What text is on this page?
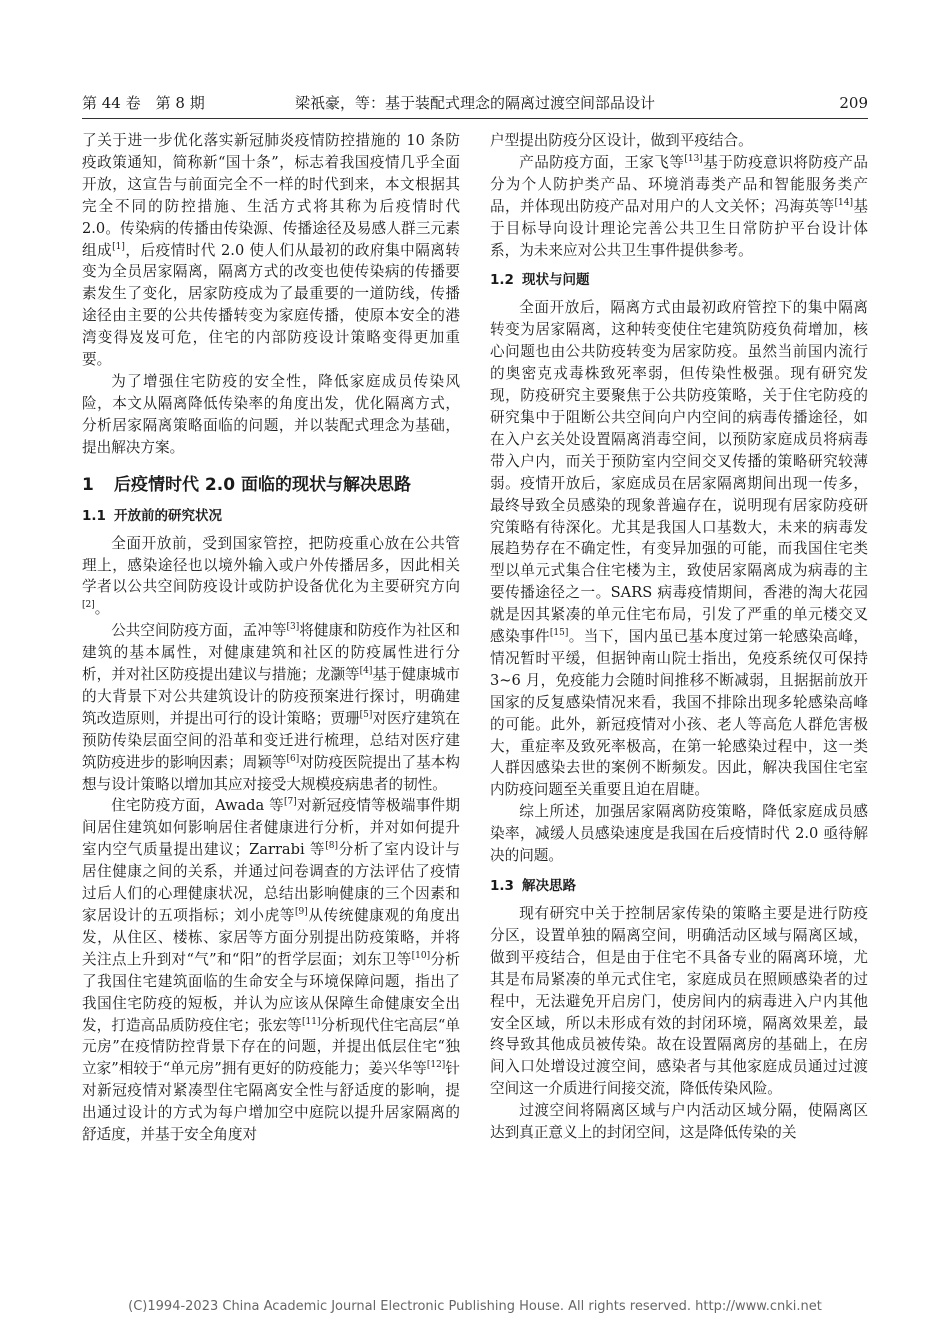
第 44 卷　第 8 期	梁祇豪，等：基于装配式理念的隔离过渡空间部品设计	209

了关于进一步优化落实新冠肺炎疫情防控措施的 10 条防疫政策通知，简称新“国十条”，标志着我国疫情几乎全面开放，这宣告与前面完全不一样的时代到来，本文根据其完全不同的防控措施、生活方式将其称为后疫情时代 2.0。传染病的传播由传染源、传播途径及易感人群三元素组成[1]，后疫情时代 2.0 使人们从最初的政府集中隔离转变为全员居家隔离，隔离方式的改变也使传染病的传播要素发生了变化，居家防疫成为了最重要的一道防线，传播途径由主要的公共传播转变为家庭传播，使原本安全的港湾变得岌岌可危，住宅的内部防疫设计策略变得更加重要。

为了增强住宅防疫的安全性，降低家庭成员传染风险，本文从隔离降低传染率的角度出发，优化隔离方式，分析居家隔离策略面临的问题，并以装配式理念为基础，提出解决方案。

1 后疫情时代 2.0 面临的现状与解决思路
1.1 开放前的研究状况

全面开放前，受到国家管控，把防疫重心放在公共管理上，感染途径也以境外输入或户外传播居多，因此相关学者以公共空间防疫设计或防护设备优化为主要研究方向[2]。

公共空间防疫方面，孟冲等[3]将健康和防疫作为社区和建筑的基本属性，对健康建筑和社区的防疫属性进行分析，并对社区防疫提出建议与措施；龙灏等[4]基于健康城市的大背景下对公共建筑设计的防疫预案进行探讨，明确建筑改造原则，并提出可行的设计策略；贾珊[5]对医疗建筑在预防传染层面空间的沿革和变迁进行梳理，总结对医疗建筑防疫进步的影响因素；周颖等[6]对防疫医院提出了基本构想与设计策略以增加其应对接受大规模疫病患者的韧性。

住宅防疫方面，Awada 等[7]对新冠疫情等极端事件期间居住建筑如何影响居住者健康进行分析，并对如何提升室内空气质量提出建议；Zarrabi 等[8]分析了室内设计与居住健康之间的关系，并通过问卷调查的方法评估了疫情过后人们的心理健康状况，总结出影响健康的三个因素和家居设计的五项指标；刘小虎等[9]从传统健康观的角度出发，从住区、楼栋、家居等方面分别提出防疫策略，并将关注点上升到对“气”和“阳”的哲学层面；刘东卫等[10]分析了我国住宅建筑面临的生命安全与环境保障问题，指出了我国住宅防疫的短板，并认为应该从保障生命健康安全出发，打造高品质防疫住宅；张宏等[11]分析现代住宅高层“单元房”在疫情防控背景下存在的问题，并提出低层住宅“独立家”相较于“单元房”拥有更好的防疫能力；姜兴华等[12]针对新冠疫情对紧凑型住宅隔离安全性与舒适度的影响，提出通过设计的方式为每户增加空中庭院以提升居家隔离的舒适度，并基于安全角度对

户型提出防疫分区设计，做到平疫结合。

产品防疫方面，王家飞等[13]基于防疫意识将防疫产品分为个人防护类产品、环境消毒类产品和智能服务类产品，并体现出防疫产品对用户的人文关怀；冯海英等[14]基于目标导向设计理论完善公共卫生日常防护平台设计体系，为未来应对公共卫生事件提供参考。

1.2 现状与问题

全面开放后，隔离方式由最初政府管控下的集中隔离转变为居家隔离，这种转变使住宅建筑防疫负荷增加，核心问题也由公共防疫转变为居家防疫。虽然当前国内流行的奥密克戎毒株致死率弱，但传染性极强。现有研究发现，防疫研究主要聚焦于公共防疫策略，关于住宅防疫的研究集中于阻断公共空间向户内空间的病毒传播途径，如在入户玄关处设置隔离消毒空间，以预防家庭成员将病毒带入户内，而关于预防室内空间交叉传播的策略研究较薄弱。疫情开放后，家庭成员在居家隔离期间出现一传多，最终导致全员感染的现象普遍存在，说明现有居家防疫研究策略有待深化。尤其是我国人口基数大，未来的病毒发展趋势存在不确定性，有变异加强的可能，而我国住宅类型以单元式集合住宅楼为主，致使居家隔离成为病毒的主要传播途径之一。SARS 病毒疫情期间，香港的淘大花园就是因其紧凑的单元住宅布局，引发了严重的单元楼交叉感染事件[15]。当下，国内虽已基本度过第一轮感染高峰，情况暂时平缓，但据钟南山院士指出，免疫系统仅可保持 3~6 月，免疫能力会随时间推移不断减弱，且据据前放开国家的反复感染情况来看，我国不排除出现多轮感染高峰的可能。此外，新冠疫情对小孩、老人等高危人群危害极大，重症率及致死率极高，在第一轮感染过程中，这一类人群因感染去世的案例不断频发。因此，解决我国住宅室内防疫问题至关重要且迫在眉睫。

综上所述，加强居家隔离防疫策略，降低家庭成员感染率，减缓人员感染速度是我国在后疫情时代 2.0 亟待解决的问题。

1.3 解决思路

现有研究中关于控制居家传染的策略主要是进行防疫分区，设置单独的隔离空间，明确活动区域与隔离区域，做到平疫结合，但是由于住宅不具备专业的隔离环境，尤其是布局紧凑的单元式住宅，家庭成员在照顾感染者的过程中，无法避免开启房门，使房间内的病毒进入户内其他安全区域，所以未形成有效的封闭环境，隔离效果差，最终导致其他成员被传染。故在设置隔离房的基础上，在房间入口处增设过渡空间，感染者与其他家庭成员通过过渡空间这一介质进行间接交流，降低传染风险。

过渡空间将隔离区域与户内活动区域分隔，使隔离区达到真正意义上的封闭空间，这是降低传染的关

(C)1994-2023 China Academic Journal Electronic Publishing House. All rights reserved. http://www.cnki.net
